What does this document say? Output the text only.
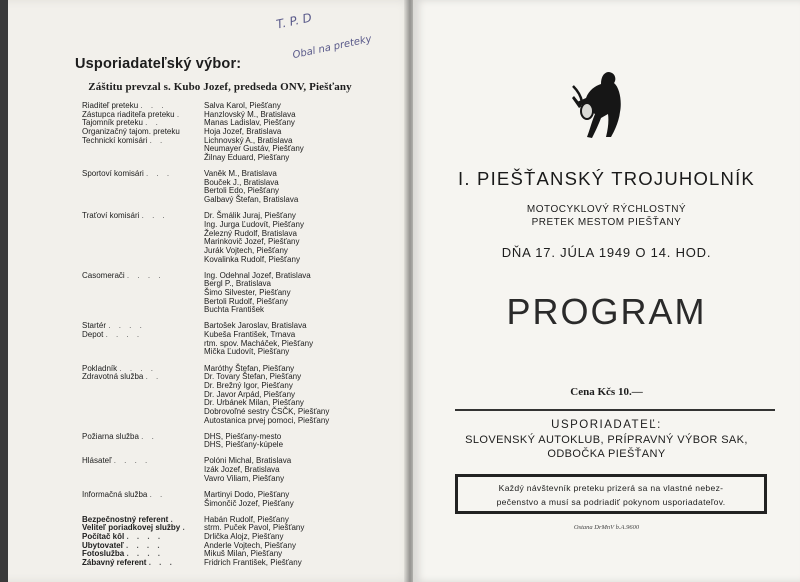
T. P. D
Obal na preteky
Usporiadateľský výbor:
Záštitu prevzal s. Kubo Jozef, predseda ONV, Piešťany
Riaditeľ preteku . . .	Salva Karol, Piešťany
Zástupca riaditeľa preteku .	Hanzlovský M., Bratislava
Tajomník preteku . .	Manas Ladislav, Piešťany
Organizačný tajom. preteku	Hoja Jozef, Bratislava
Technickí komisári . .	Lichnovský A., Bratislava
Neumayer Gustáv, Piešťany
Žilnay Eduard, Piešťany
Športoví komisári . . .	Vaněk M., Bratislava
Bouček J., Bratislava
Bertoli Edo, Piešťany
Galbavý Štefan, Bratislava
Traťoví komisári . . .	Dr. Šmálik Juraj, Piešťany
Ing. Jurga Ľudovít, Piešťany
Železný Rudolf, Bratislava
Marinkovič Jozef, Piešťany
Jurák Vojtech, Piešťany
Kovalinka Rudolf, Piešťany
Časomerači . . . .	Ing. Odehnal Jozef, Bratislava
Bergl P., Bratislava
Šimo Silvester, Piešťany
Bertoli Rudolf, Piešťany
Buchta František
Štartér . . . .	Bartošek Jaroslav, Bratislava
Depot . . . .	Kubeša František, Trnava
rtm. spov. Macháček, Piešťany
Mička Ľudovít, Piešťany
Pokladník . . . .	Maróthy Štefan, Piešťany
Zdravotná služba . .	Dr. Tovary Štefan, Piešťany
Dr. Brežný Igor, Piešťany
Dr. Javor Arpád, Piešťany
Dr. Urbánek Milan, Piešťany
Dobrovoľné sestry ČSČK, Piešťany
Autostanica prvej pomoci, Piešťany
Požiarna služba . .	DHS, Piešťany-mesto
DHS, Piešťany-kúpele
Hlásateľ . . . .	Polóni Michal, Bratislava
Izák Jozef, Bratislava
Vavro Viliam, Piešťany
Informačná služba . .	Martinyi Dodo, Piešťany
Šimončič Jozef, Piešťany
Bezpečnostný referent .	Habán Rudolf, Piešťany
Veliteľ poriadkovej služby .	strm. Puček Pavol, Piešťany
Počítač kôl . . . .	Drlička Alojz, Piešťany
Ubytovateľ . . . .	Anderle Vojtech, Piešťany
Fotoslužba . . . .	Mikuš Milan, Piešťany
Zábavný referent . . .	Fridrich František, Piešťany
I. PIEŠŤANSKÝ TROJUHOLNÍK
MOTOCYKLOVÝ RÝCHLOSTNÝ
PRETEK MESTOM PIEŠŤANY
DŇA 17. JÚLA 1949 O 14. HOD.
PROGRAM
Cena Kčs 10.—
USPORIADATEĽ:
SLOVENSKÝ AUTOKLUB, PRÍPRAVNÝ VÝBOR SAK,
ODBOČKA PIEŠŤANY
Každý návštevník preteku prizerá sa na vlastné nebez-
pečenstvo a musí sa podriadiť pokynom usporiadateľov.
Ostana DrMnV b.A.9600
